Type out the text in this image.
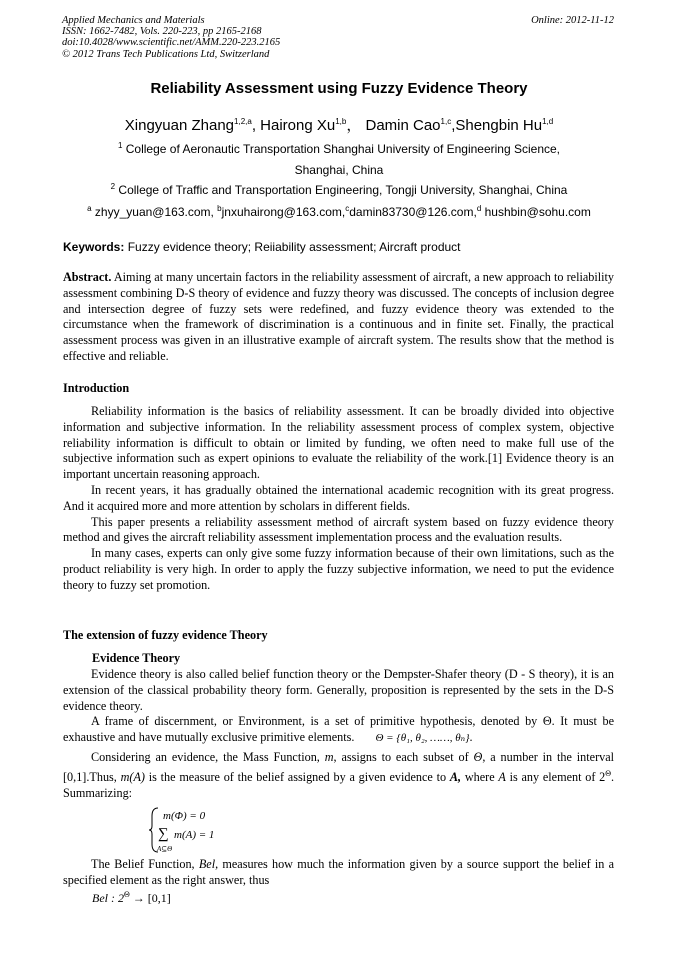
Applied Mechanics and Materials
ISSN: 1662-7482, Vols. 220-223, pp 2165-2168
doi:10.4028/www.scientific.net/AMM.220-223.2165
© 2012 Trans Tech Publications Ltd, Switzerland
Online: 2012-11-12
Reliability Assessment using Fuzzy Evidence Theory
Xingyuan Zhang$^{1,2,a}$, Hairong Xu$^{1,b}$， Damin Cao$^{1,c}$,Shengbin Hu$^{1,d}$
$^1$ College of Aeronautic Transportation Shanghai University of Engineering Science,
Shanghai, China
$^2$ College of Traffic and Transportation Engineering, Tongji University, Shanghai, China
$^a$ zhyy_yuan@163.com, $^b$jnxuhairong@163.com,$^c$damin83730@126.com,$^d$ hushbin@sohu.com
Keywords: Fuzzy evidence theory; Reiiability assessment; Aircraft product

Abstract. Aiming at many uncertain factors in the reliability assessment of aircraft, a new approach to reliability assessment combining D-S theory of evidence and fuzzy theory was discussed. The concepts of inclusion degree and intersection degree of fuzzy sets were redefined, and fuzzy evidence theory was extended to the circumstance when the framework of discrimination is a continuous and in finite set. Finally, the practical assessment process was given in an illustrative example of aircraft system. The results show that the method is effective and reliable.

Introduction

Reliability information is the basics of reliability assessment. It can be broadly divided into objective information and subjective information. In the reliability assessment process of complex system, objective reliability information is difficult to obtain or limited by funding, we often need to make full use of the subjective information such as expert opinions to evaluate the reliability of the work.[1] Evidence theory is an important uncertain reasoning approach.

In recent years, it has gradually obtained the international academic recognition with its great progress. And it acquired more and more attention by scholars in different fields.

This paper presents a reliability assessment method of aircraft system based on fuzzy evidence theory method and gives the aircraft reliability assessment implementation process and the evaluation results.

In many cases, experts can only give some fuzzy information because of their own limitations, such as the product reliability is very high. In order to apply the fuzzy subjective information, we need to put the evidence theory to fuzzy set promotion.

The extension of fuzzy evidence Theory
Evidence Theory

Evidence theory is also called belief function theory or the Dempster-Shafer theory (D - S theory), it is an extension of the classical probability theory form. Generally, proposition is represented by the sets in the D-S evidence theory.

A frame of discernment, or Environment, is a set of primitive hypothesis, denoted by Θ. It must be exhaustive and have mutually exclusive primitive elements. Θ = {θ₁, θ₂, ……, θₙ}.

Considering an evidence, the Mass Function, m, assigns to each subset of Θ, a number in the interval [0,1].Thus, m(A) is the measure of the belief assigned by a given evidence to A, where A is any element of $2^\Theta$. Summarizing:

m(Φ) = 0
∑
A⊆Θ
m(A) = 1

The Belief Function, Bel, measures how much the information given by a source support the belief in a specified element as the right answer, thus

Bel : $2^\Theta \to [0,1]$
